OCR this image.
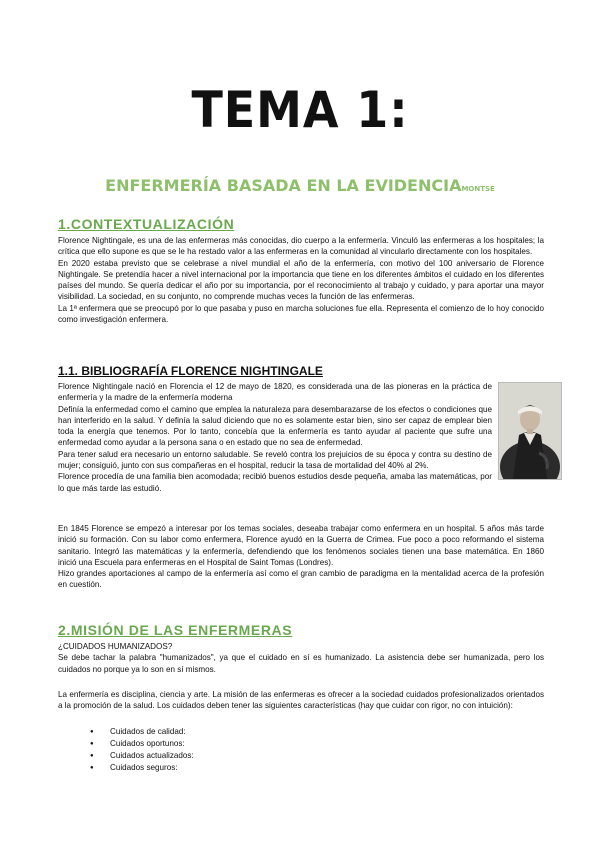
TEMA 1:
ENFERMERÍA BASADA EN LA EVIDENCIAMONTSE
1.CONTEXTUALIZACIÓN

Florence Nightingale, es una de las enfermeras más conocidas, dio cuerpo a la enfermería. Vinculó las enfermeras a los hospitales; la crítica que ello supone es que se le ha restado valor a las enfermeras en la comunidad al vincularlo directamente con los hospitales.

En 2020 estaba previsto que se celebrase a nivel mundial el año de la enfermería, con motivo del 100 aniversario de Florence Nightingale. Se pretendía hacer a nivel internacional por la importancia que tiene en los diferentes ámbitos el cuidado en los diferentes países del mundo. Se quería dedicar el año por su importancia, por el reconocimiento al trabajo y cuidado, y para aportar una mayor visibilidad. La sociedad, en su conjunto, no comprende muchas veces la función de las enfermeras.

La 1ª enfermera que se preocupó por lo que pasaba y puso en marcha soluciones fue ella. Representa el comienzo de lo hoy conocido como investigación enfermera.

1.1. BIBLIOGRAFÍA FLORENCE NIGHTINGALE

Florence Nightingale nació en Florencia el 12 de mayo de 1820, es considerada una de las pioneras en la práctica de enfermería y la madre de la enfermería moderna

Definía la enfermedad como el camino que emplea la naturaleza para desembarazarse de los efectos o condiciones que han interferido en la salud. Y definía la salud diciendo que no es solamente estar bien, sino ser capaz de emplear bien toda la energía que tenemos. Por lo tanto, concebía que la enfermería es tanto ayudar al paciente que sufre una enfermedad como ayudar a la persona sana o en estado que no sea de enfermedad.

Para tener salud era necesario un entorno saludable. Se reveló contra los prejuicios de su época y contra su destino de mujer; consiguió, junto con sus compañeras en el hospital, reducir la tasa de mortalidad del 40% al 2%.

Florence procedía de una familia bien acomodada; recibió buenos estudios desde pequeña, amaba las matemáticas, por lo que más tarde las estudió.

En 1845 Florence se empezó a interesar por los temas sociales, deseaba trabajar como enfermera en un hospital. 5 años más tarde inició su formación. Con su labor como enfermera, Florence ayudó en la Guerra de Crimea. Fue poco a poco reformando el sistema sanitario. Integró las matemáticas y la enfermería, defendiendo que los fenómenos sociales tienen una base matemática. En 1860 inició una Escuela para enfermeras en el Hospital de Saint Tomas (Londres).

Hizo grandes aportaciones al campo de la enfermería así como el gran cambio de paradigma en la mentalidad acerca de la profesión en cuestión.

2.MISIÓN DE LAS ENFERMERAS

¿CUIDADOS HUMANIZADOS?

Se debe tachar la palabra "humanizados", ya que el cuidado en sí es humanizado. La asistencia debe ser humanizada, pero los cuidados no porque ya lo son en sí mismos.

La enfermería es disciplina, ciencia y arte. La misión de las enfermeras es ofrecer a la sociedad cuidados profesionalizados orientados a la promoción de la salud. Los cuidados deben tener las siguientes características (hay que cuidar con rigor, no con intuición):

● Cuidados de calidad:
● Cuidados oportunos:
● Cuidados actualizados:
● Cuidados seguros:
